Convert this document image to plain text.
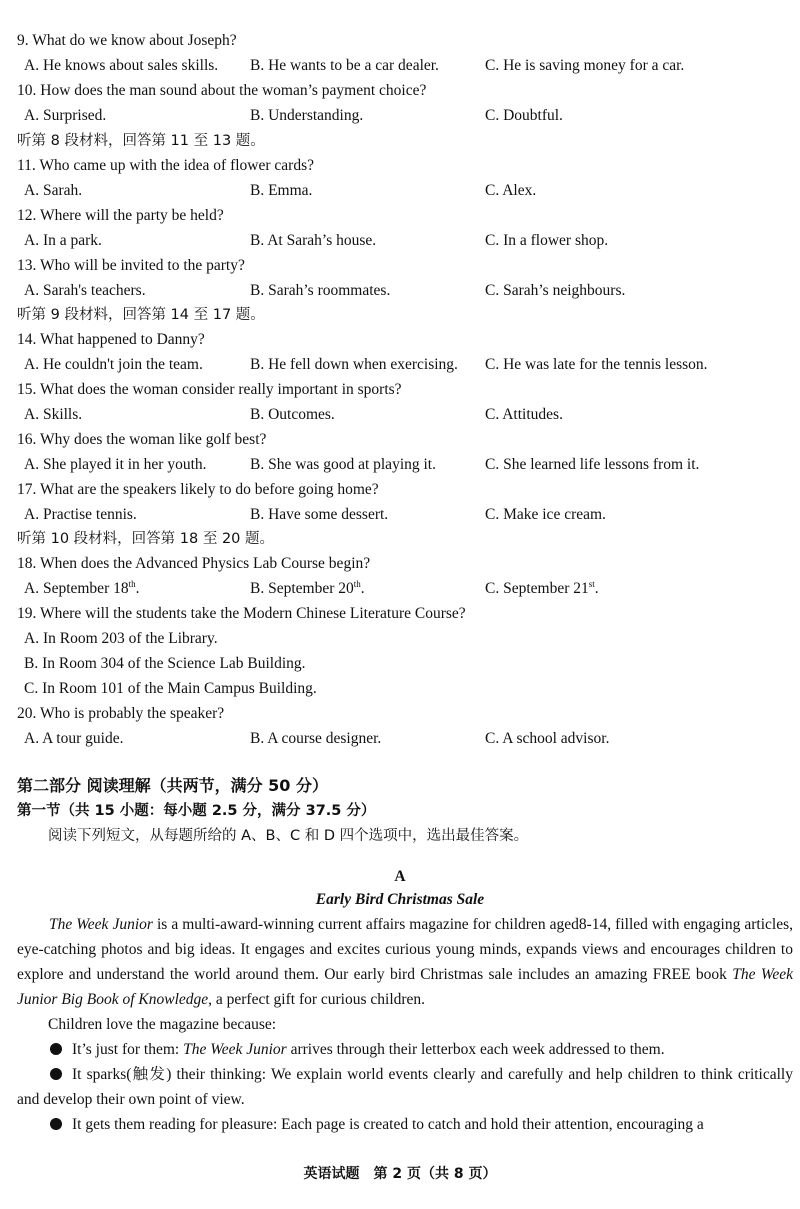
9. What do we know about Joseph?
A. He knows about sales skills. B. He wants to be a car dealer.	C. He is saving money for a car.
10. How does the man sound about the woman’s payment choice?
A. Surprised.	B. Understanding.	C. Doubtful.
听第 8 段材料，回答第 11 至 13 题。
11. Who came up with the idea of flower cards?
A. Sarah.	B. Emma.	C. Alex.
12. Where will the party be held?
A. In a park.	B. At Sarah’s house.	C. In a flower shop.
13. Who will be invited to the party?
A. Sarah's teachers.	B. Sarah’s roommates.	C. Sarah’s neighbours.
听第 9 段材料，回答第 14 至 17 题。
14. What happened to Danny?
A. He couldn't join the team.	B. He fell down when exercising. C. He was late for the tennis lesson.
15. What does the woman consider really important in sports?
A. Skills.	B. Outcomes.	C. Attitudes.
16. Why does the woman like golf best?
A. She played it in her youth.	B. She was good at playing it.	C. She learned life lessons from it.
17. What are the speakers likely to do before going home?
A. Practise tennis.	B. Have some dessert.	C. Make ice cream.
听第 10 段材料，回答第 18 至 20 题。
18. When does the Advanced Physics Lab Course begin?
A. September 18th.	B. September 20th.	C. September 21st.
19. Where will the students take the Modern Chinese Literature Course?
A. In Room 203 of the Library.
B. In Room 304 of the Science Lab Building.
C. In Room 101 of the Main Campus Building.
20. Who is probably the speaker?
A. A tour guide.	B. A course designer.	C. A school advisor.
第二部分 阅读理解（共两节，满分 50 分）
第一节（共 15 小题：每小题 2.5 分，满分 37.5 分）
阅读下列短文，从每题所给的 A、B、C 和 D 四个选项中，选出最佳答案。
A
Early Bird Christmas Sale
The Week Junior is a multi-award-winning current affairs magazine for children aged8-14, filled with engaging articles, eye-catching photos and big ideas. It engages and excites curious young minds, expands views and encourages children to explore and understand the world around them. Our early bird Christmas sale includes an amazing FREE book The Week Junior Big Book of Knowledge, a perfect gift for curious children.
Children love the magazine because:
It’s just for them: The Week Junior arrives through their letterbox each week addressed to them.
It sparks(触发) their thinking: We explain world events clearly and carefully and help children to think critically and develop their own point of view.
It gets them reading for pleasure: Each page is created to catch and hold their attention, encouraging a
英语试题　第 2 页（共 8 页）
